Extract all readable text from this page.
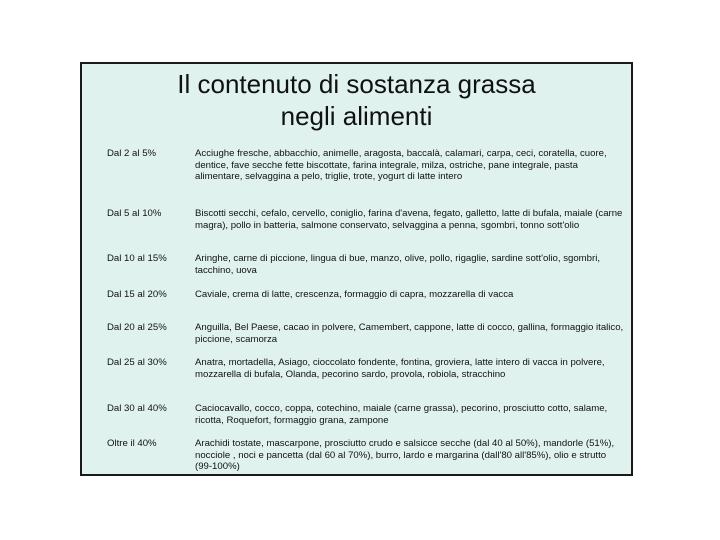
Il contenuto di sostanza grassa
negli alimenti
Dal 2 al 5%	Acciughe fresche, abbacchio, animelle, aragosta, baccalà, calamari, carpa, ceci, coratella, cuore, dentice, fave secche fette biscottate, farina integrale, milza, ostriche, pane integrale, pasta alimentare, selvaggina a pelo, triglie, trote, yogurt di latte intero
Dal 5 al 10%	Biscotti secchi, cefalo, cervello, coniglio, farina d'avena, fegato, galletto, latte di bufala, maiale (carne magra), pollo in batteria, salmone conservato, selvaggina a penna, sgombri, tonno sott'olio
Dal 10 al 15%	Aringhe, carne di piccione, lingua di bue, manzo, olive, pollo, rigaglie, sardine sott'olio, sgombri, tacchino, uova
Dal 15 al 20%	Caviale, crema di latte, crescenza, formaggio di capra, mozzarella di vacca
Dal 20 al 25%	Anguilla, Bel Paese, cacao in polvere, Camembert, cappone, latte di cocco, gallina, formaggio italico, piccione, scamorza
Dal 25 al 30%	Anatra, mortadella, Asiago, cioccolato fondente, fontina, groviera, latte intero di vacca in polvere, mozzarella di bufala, Olanda, pecorino sardo, provola, robiola, stracchino
Dal 30 al 40%	Caciocavallo, cocco, coppa, cotechino, maiale (carne grassa), pecorino, prosciutto cotto, salame, ricotta, Roquefort, formaggio grana, zampone
Oltre il 40%	Arachidi tostate, mascarpone, prosciutto crudo e salsicce secche (dal 40 al 50%), mandorle (51%), nocciole , noci e pancetta (dal 60 al 70%), burro, lardo e margarina (dall'80 all'85%), olio e strutto (99-100%)
